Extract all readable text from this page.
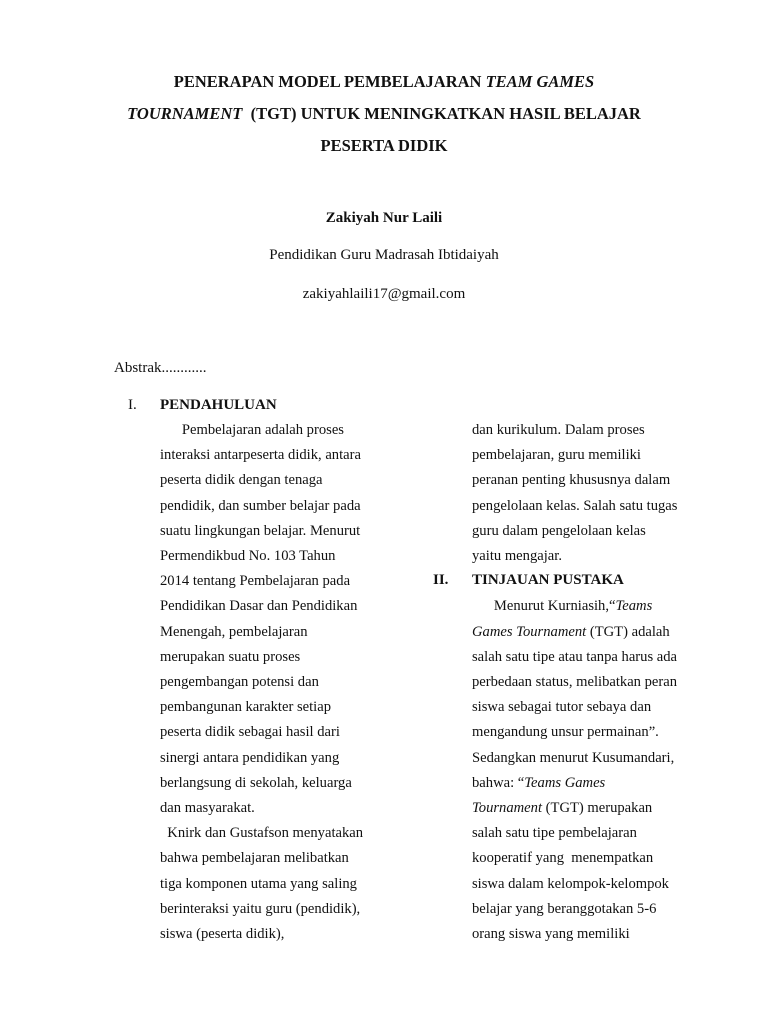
PENERAPAN MODEL PEMBELAJARAN TEAM GAMES
TOURNAMENT  (TGT) UNTUK MENINGKATKAN HASIL BELAJAR
PESERTA DIDIK
Zakiyah Nur Laili
Pendidikan Guru Madrasah Ibtidaiyah
zakiyahlaili17@gmail.com
Abstrak............
I. PENDAHULUAN
Pembelajaran adalah proses
interaksi antarpeserta didik, antara
peserta didik dengan tenaga
pendidik, dan sumber belajar pada
suatu lingkungan belajar. Menurut
Permendikbud No. 103 Tahun
2014 tentang Pembelajaran pada
Pendidikan Dasar dan Pendidikan
Menengah, pembelajaran
merupakan suatu proses
pengembangan potensi dan
pembangunan karakter setiap
peserta didik sebagai hasil dari
sinergi antara pendidikan yang
berlangsung di sekolah, keluarga
dan masyarakat.
Knirk dan Gustafson menyatakan
bahwa pembelajaran melibatkan
tiga komponen utama yang saling
berinteraksi yaitu guru (pendidik),
siswa (peserta didik),
dan kurikulum. Dalam proses
pembelajaran, guru memiliki
peranan penting khususnya dalam
pengelolaan kelas. Salah satu tugas
guru dalam pengelolaan kelas
yaitu mengajar.

Menurut Kurniasih,“Teams
Games Tournament (TGT) adalah
salah satu tipe atau tanpa harus ada
perbedaan status, melibatkan peran
siswa sebagai tutor sebaya dan
mengandung unsur permainan”.
Sedangkan menurut Kusumandari,
bahwa: “Teams Games
Tournament (TGT) merupakan
salah satu tipe pembelajaran
kooperatif yang  menempatkan
siswa dalam kelompok-kelompok
belajar yang beranggotakan 5-6
orang siswa yang memiliki
II. TINJAUAN PUSTAKA
